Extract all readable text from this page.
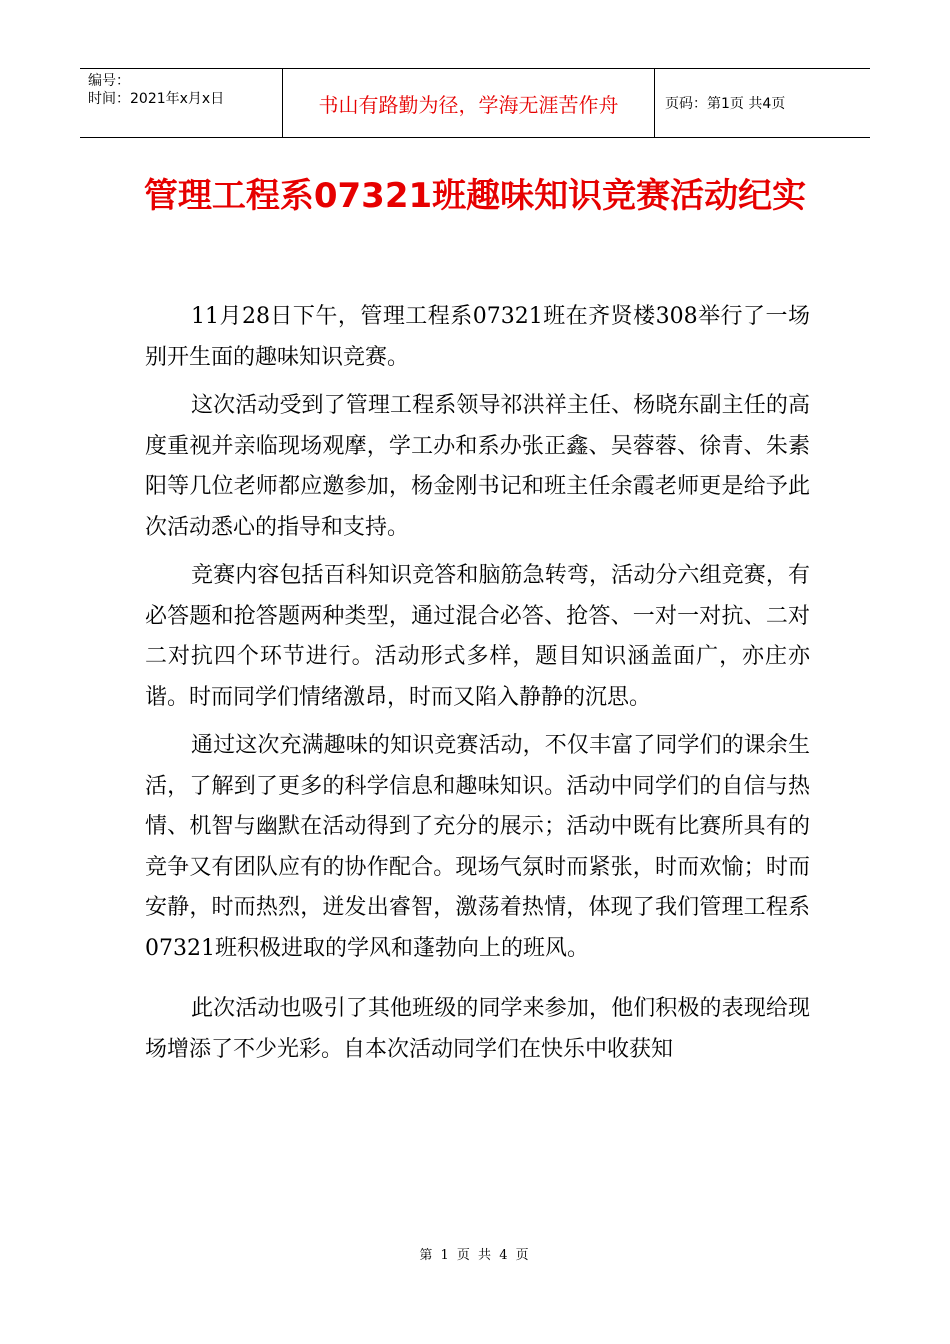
编号：
时间：2021年x月x日	书山有路勤为径，学海无涯苦作舟	页码：第1页 共4页
管理工程系07321班趣味知识竞赛活动纪实

11月28日下午，管理工程系07321班在齐贤楼308举行了一场别开生面的趣味知识竞赛。

这次活动受到了管理工程系领导祁洪祥主任、杨晓东副主任的高度重视并亲临现场观摩，学工办和系办张正鑫、吴蓉蓉、徐青、朱素阳等几位老师都应邀参加，杨金刚书记和班主任余霞老师更是给予此次活动悉心的指导和支持。

竞赛内容包括百科知识竞答和脑筋急转弯，活动分六组竞赛，有必答题和抢答题两种类型，通过混合必答、抢答、一对一对抗、二对二对抗四个环节进行。活动形式多样，题目知识涵盖面广，亦庄亦谐。时而同学们情绪激昂，时而又陷入静静的沉思。

通过这次充满趣味的知识竞赛活动，不仅丰富了同学们的课余生活，了解到了更多的科学信息和趣味知识。活动中同学们的自信与热情、机智与幽默在活动得到了充分的展示；活动中既有比赛所具有的竞争又有团队应有的协作配合。现场气氛时而紧张，时而欢愉；时而安静，时而热烈，迸发出睿智，激荡着热情，体现了我们管理工程系07321班积极进取的学风和蓬勃向上的班风。

此次活动也吸引了其他班级的同学来参加，他们积极的表现给现场增添了不少光彩。自本次活动同学们在快乐中收获知

第 1 页 共 4 页
